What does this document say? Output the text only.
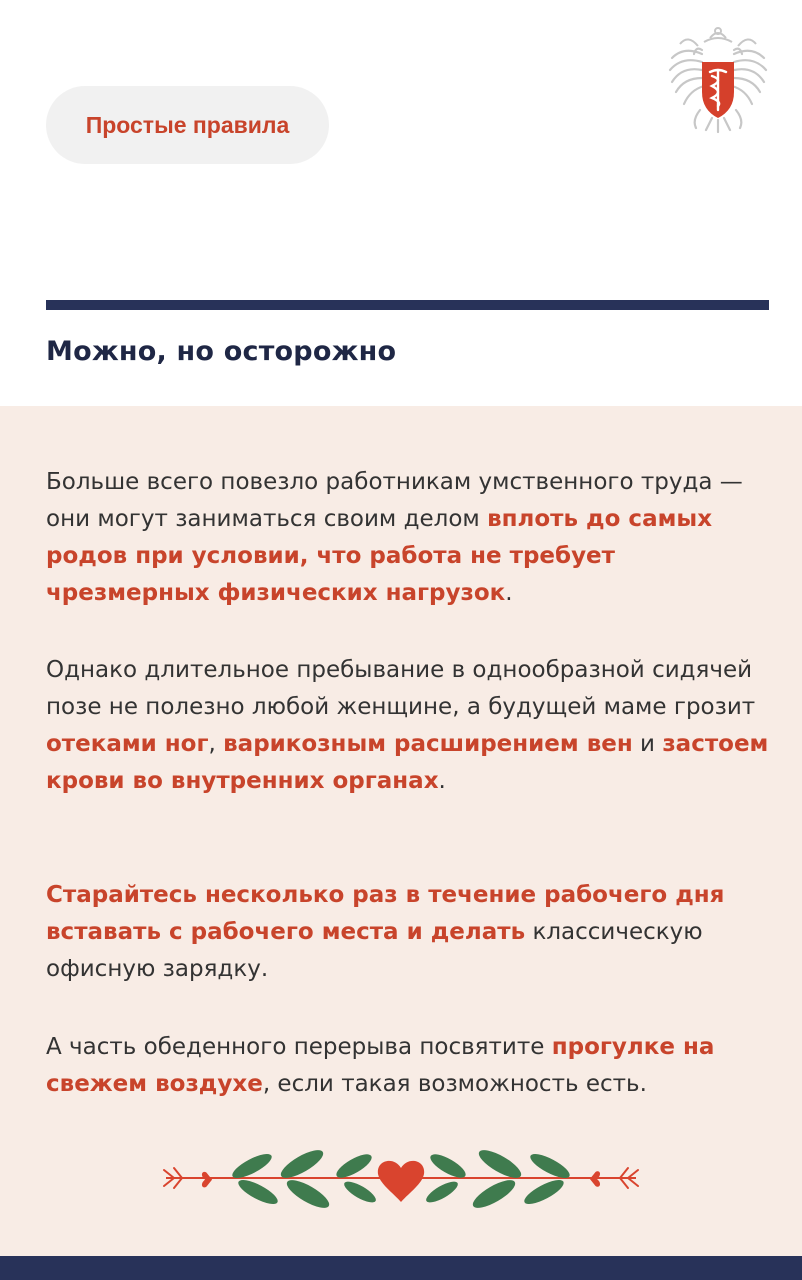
Простые правила
Можно, но осторожно

Больше всего повезло работникам умственного труда — они могут заниматься своим делом вплоть до самых родов при условии, что работа не требует чрезмерных физических нагрузок.

Однако длительное пребывание в однообразной сидячей позе не полезно любой женщине, а будущей маме грозит отеками ног, варикозным расширением вен и застоем крови во внутренних органах.

Старайтесь несколько раз в течение рабочего дня вставать с рабочего места и делать классическую офисную зарядку.

А часть обеденного перерыва посвятите прогулке на свежем воздухе, если такая возможность есть.
